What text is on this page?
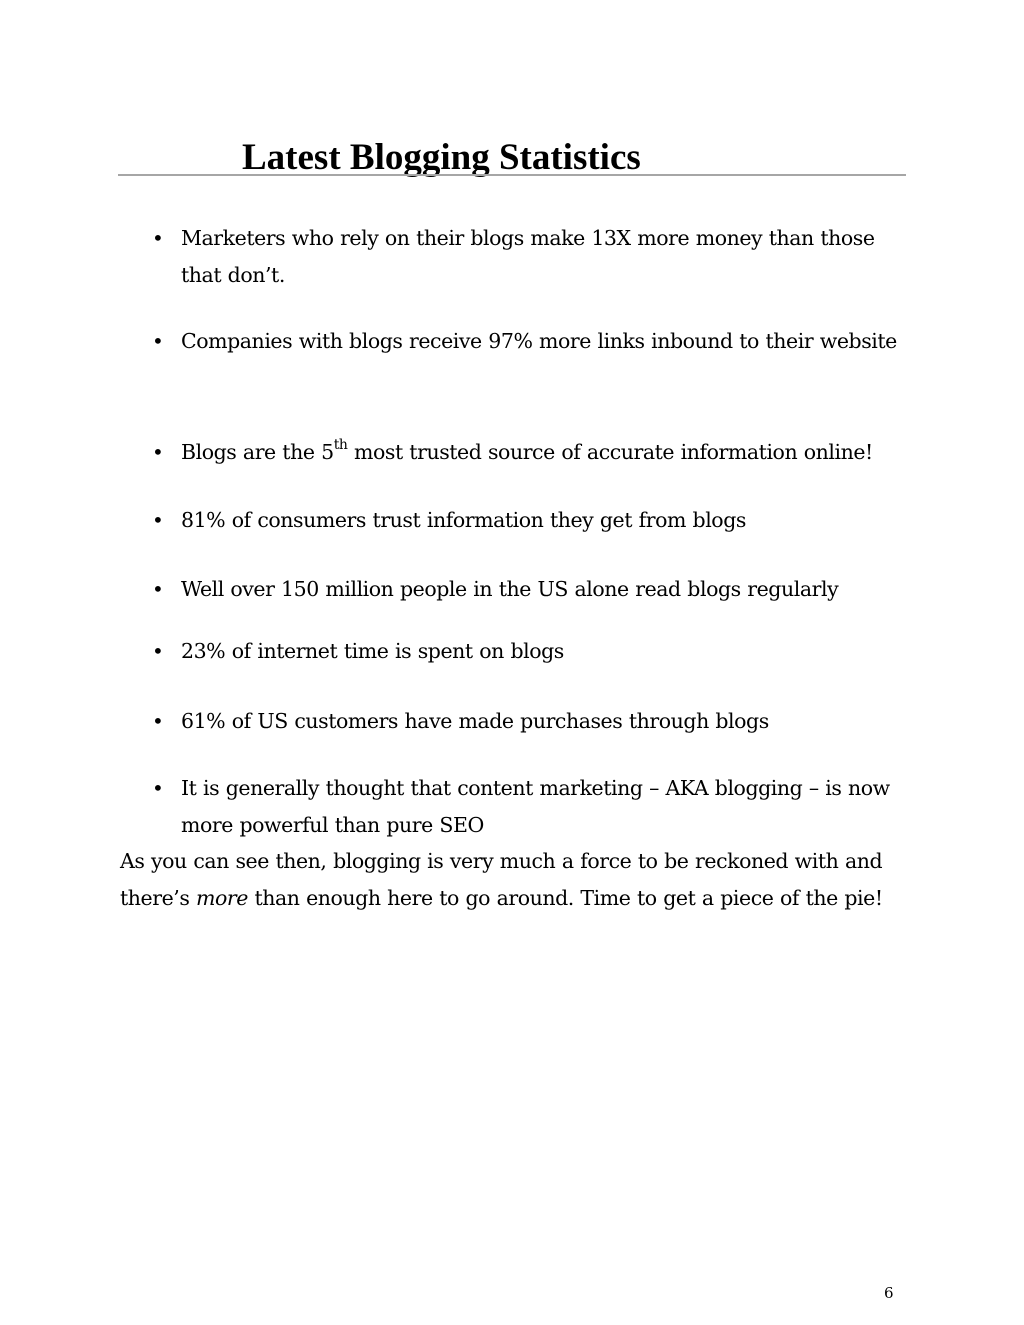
Latest Blogging Statistics
• Marketers who rely on their blogs make 13X more money than those that don’t.
• Companies with blogs receive 97% more links inbound to their website
• Blogs are the 5th most trusted source of accurate information online!
• 81% of consumers trust information they get from blogs
• Well over 150 million people in the US alone read blogs regularly
• 23% of internet time is spent on blogs
• 61% of US customers have made purchases through blogs
• It is generally thought that content marketing – AKA blogging – is now more powerful than pure SEO

As you can see then, blogging is very much a force to be reckoned with and there’s more than enough here to go around. Time to get a piece of the pie!

6
